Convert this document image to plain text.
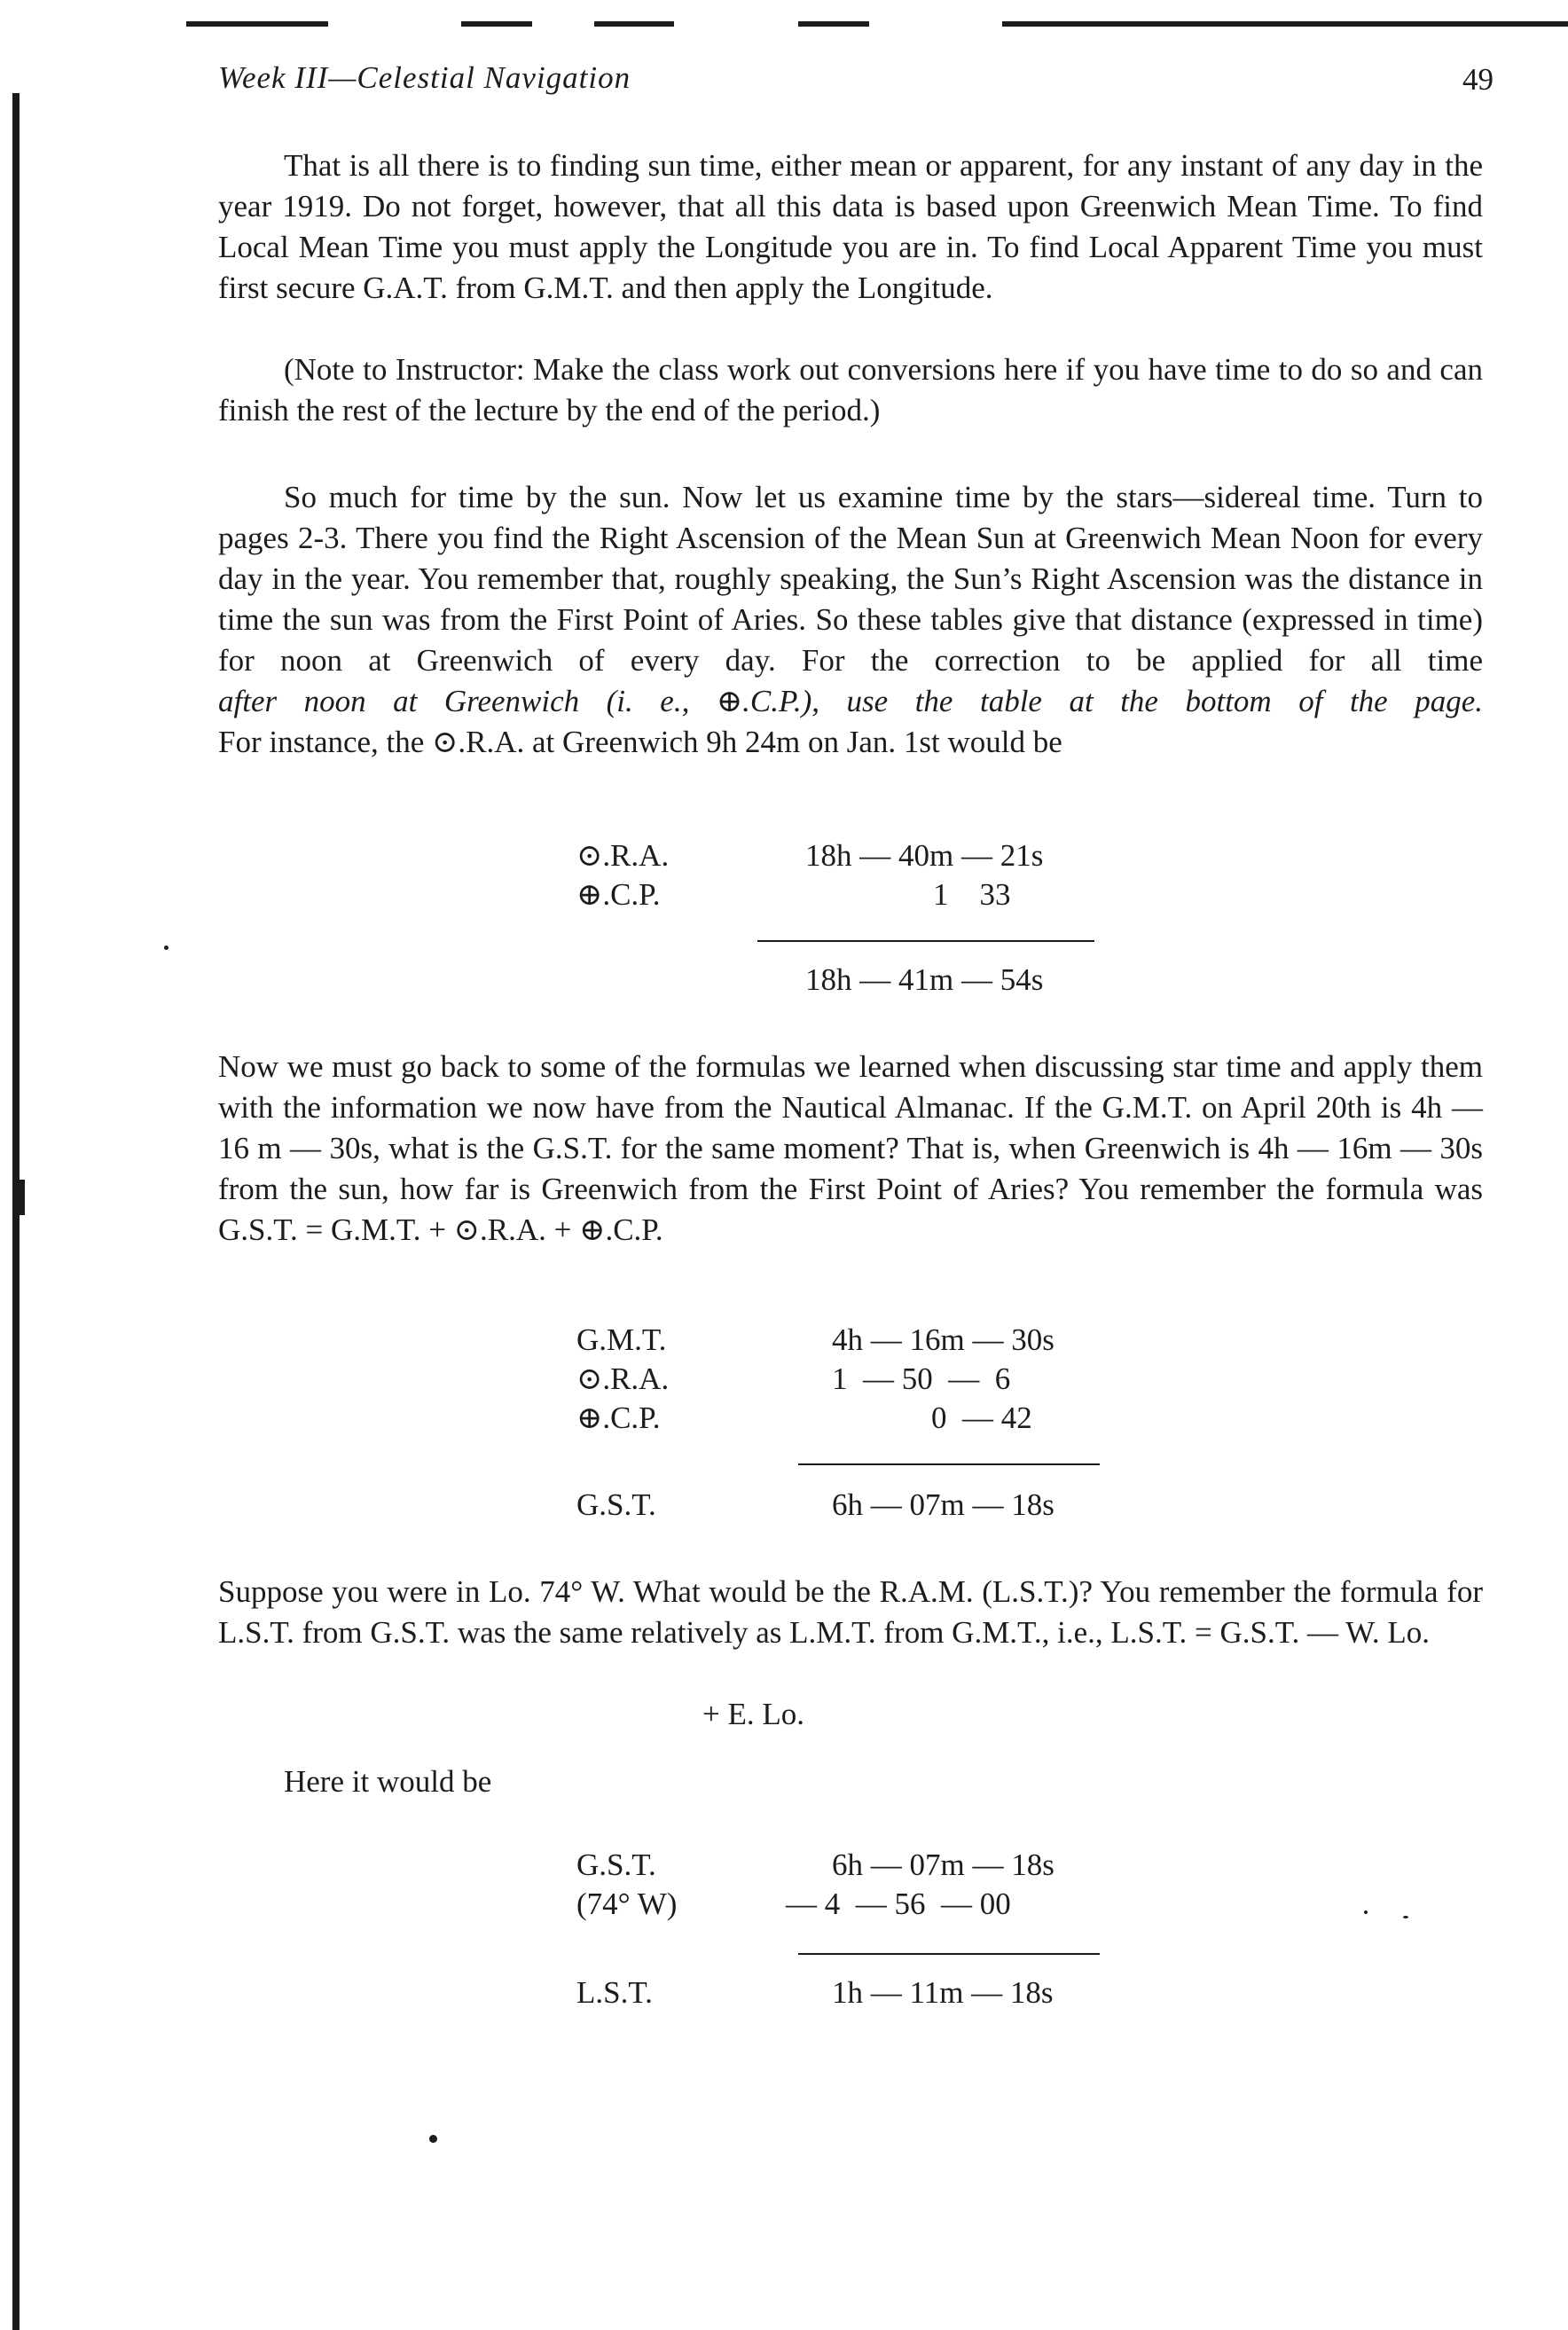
Week III—Celestial Navigation	49

That is all there is to finding sun time, either mean or apparent, for any instant of any day in the year 1919. Do not forget, however, that all this data is based upon Greenwich Mean Time. To find Local Mean Time you must apply the Longitude you are in. To find Local Apparent Time you must first secure G.A.T. from G.M.T. and then apply the Longitude.

(Note to Instructor: Make the class work out conversions here if you have time to do so and can finish the rest of the lecture by the end of the period.)

So much for time by the sun. Now let us examine time by the stars—sidereal time. Turn to pages 2-3. There you find the Right Ascension of the Mean Sun at Greenwich Mean Noon for every day in the year. You remember that, roughly speaking, the Sun’s Right Ascension was the distance in time the sun was from the First Point of Aries. So these tables give that distance (expressed in time) for noon at Greenwich of every day. For the correction to be applied for all time
after noon at Greenwich (i. e., ⊕.C.P.), use the table at the bottom of the page.
For instance, the ⊙.R.A. at Greenwich 9h 24m on Jan. 1st would be
⊙.R.A.	18h — 40m — 21s
⊕.C.P.	1    33
18h — 41m — 54s

Now we must go back to some of the formulas we learned when discussing star time and apply them with the information we now have from the Nautical Almanac. If the G.M.T. on April 20th is 4h — 16 m — 30s, what is the G.S.T. for the same moment? That is, when Greenwich is 4h — 16m — 30s from the sun, how far is Greenwich from the First Point of Aries? You remember the formula was G.S.T. = G.M.T. + ⊙.R.A. + ⊕.C.P.

G.M.T.	4h — 16m — 30s
⊙.R.A.	1  — 50  —  6
⊕.C.P.	0  — 42
G.S.T.	6h — 07m — 18s

Suppose you were in Lo. 74° W. What would be the R.A.M. (L.S.T.)? You remember the formula for L.S.T. from G.S.T. was the same relatively as L.M.T. from G.M.T., i.e., L.S.T. = G.S.T. — W. Lo.

+ E. Lo.

Here it would be

G.S.T.	6h — 07m — 18s
(74° W)	— 4  — 56  — 00
L.S.T.	1h — 11m — 18s
